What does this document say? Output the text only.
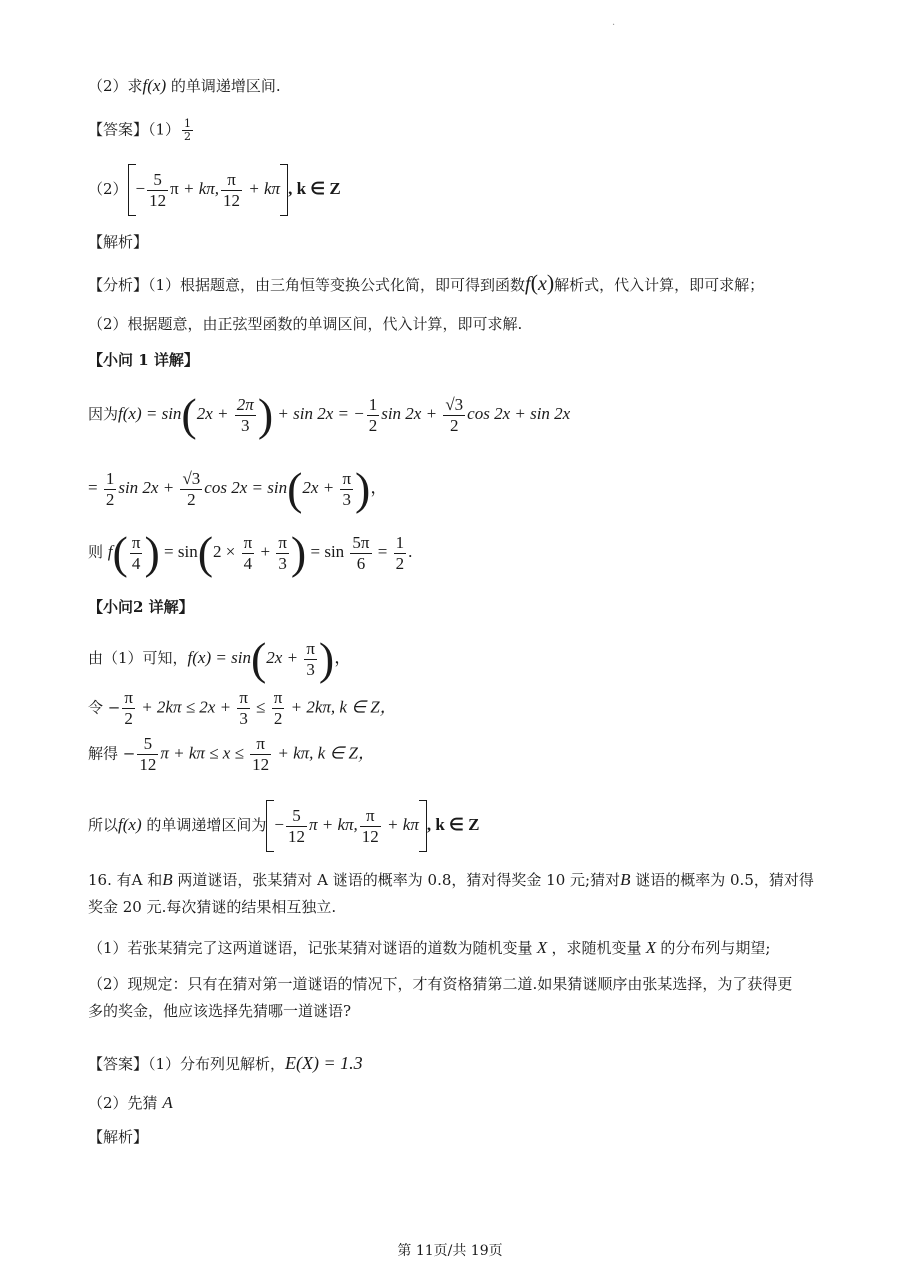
·
（2）求f(x) 的单调递增区间.
【答案】$(1) \frac{1}{2}$
$(2) - \frac{5}{12}$ π + kπ, $\frac{\pi}{12} + k\pi$ , k ∈ Z
【解析】
【分析】（1）根据题意，由三角恒等变换公式化简，即可得到函数f(x)解析式，代入计算，即可求解；
（2）根据题意，由正弦型函数的单调区间，代入计算，即可求解.
【小问 1 详解】
因为$f(x) = \sin(2x + \frac{2\pi}{3}$ ) + sin 2x = − $\frac{1}{2}$ $\sin 2x + \frac{√3}{2}$ cos 2x + sin 2x
= $\frac{1}{2}$ $\sin 2x + \frac{√3}{2}$ $\cos 2x = \sin(2x + \frac{\pi}{3}$ )，
则 $f( \frac{\pi}{4}$ ) = $\sin(2 \times \frac{\pi}{4} + \frac{\pi}{3}$ ) = $\sin \frac{5\pi}{6} = \frac{1}{2}$ .
【小问2 详解】
由（1）可知，$f(x) = \sin(2x + \frac{\pi}{3}$ )，
令 − $\frac{\pi}{2} + 2k\pi \le 2x + \frac{\pi}{3} \le \frac{\pi}{2} + 2k\pi$, k ∈ Z，
解得 − $\frac{5}{12}$ $\pi + k\pi \le x \le \frac{\pi}{12} + k\pi$, k ∈ Z，
所以f(x) 的单调递增区间为 − $\frac{5}{12}$ π + kπ, $\frac{\pi}{12} + k\pi$ , k ∈ Z
16. 有A 和B 两道谜语，张某猜对 A 谜语的概率为 0.8，猜对得奖金 10 元;猜对B 谜语的概率为 0.5，猜对得
奖金 20 元.每次猜谜的结果相互独立.
（1）若张某猜完了这两道谜语，记张某猜对谜语的道数为随机变量 X ，求随机变量 X 的分布列与期望;
（2）现规定：只有在猜对第一道谜语的情况下，才有资格猜第二道.如果猜谜顺序由张某选择，为了获得更
多的奖金，他应该选择先猜哪一道谜语?
【答案】（1）分布列见解析，E(X) = 1.3
（2）先猜 A
【解析】
第 11页/共 19页
